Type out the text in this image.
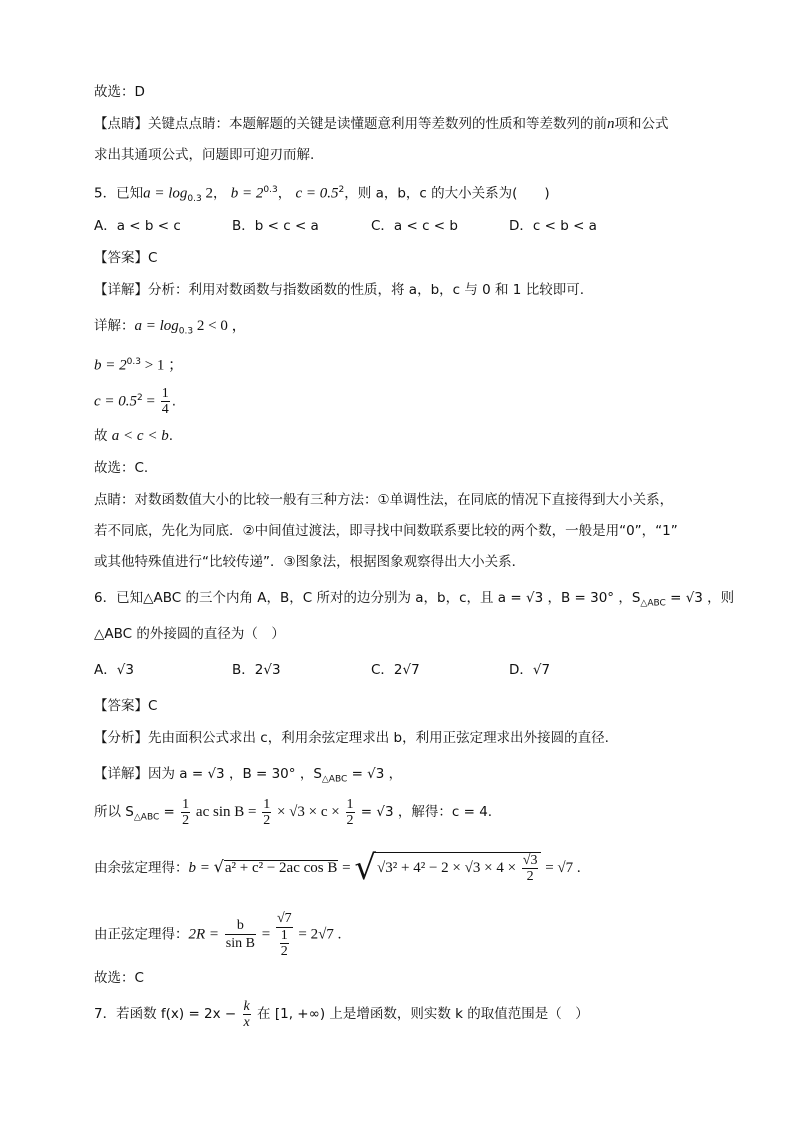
故选：D
【点睛】关键点点睛：本题解题的关键是读懂题意利用等差数列的性质和等差数列的前n项和公式
求出其通项公式，问题即可迎刃而解.
5．已知$a = \log_{0.3} 2$， $b = 2^{0.3}$， $c = 0.5^2$，则 a，b，c 的大小关系为(　　)
A．a < b < c	B．b < c < a	C．a < c < b	D．c < b < a
【答案】C
【详解】分析：利用对数函数与指数函数的性质，将 a，b，c 与 0 和 1 比较即可.
详解：$a = \log_{0.3} 2 < 0$ ，
$b = 2^{0.3} > 1$ ；
$c = 0.5^2 = \frac{1}{4}$ .
故 a < c < b.
故选：C.
点睛：对数函数值大小的比较一般有三种方法：①单调性法，在同底的情况下直接得到大小关系，
若不同底，先化为同底．②中间值过渡法，即寻找中间数联系要比较的两个数，一般是用“0”，“1”
或其他特殊值进行“比较传递”．③图象法，根据图象观察得出大小关系．
6．已知△ABC 的三个内角 A，B，C 所对的边分别为 a，b，c，且 a = √3 ，B = 30° ，$S_{\triangle ABC} = √3$ ，则
△ABC 的外接圆的直径为（　）
A．√3	B．2√3	C．2√7	D．√7
【答案】C
【分析】先由面积公式求出 c，利用余弦定理求出 b，利用正弦定理求出外接圆的直径.
【详解】因为 a = √3 ，B = 30° ，$S_{\triangle ABC} = √3$ ，
所以 $S_{\triangle ABC} = \frac{1}{2}$ ac $\sin B = \frac{1}{2} \times √3 \times c \times \frac{1}{2} = √3$ ，解得：c = 4.
由余弦定理得：b = √a² + c² − 2ac $\cos B = √√3^2 + 4^2 - 2 \times √3 \times 4 \times \frac{√3}{2} = √7$ .
由正弦定理得：$2R = \frac{b}{\text{sin B}} = \frac{√7}{\frac{1}{2}} = 2√7$ .
故选：C
7．若函数 $f(x) = 2x - \frac{k}{x}$ 在 [1, +∞) 上是增函数，则实数 k 的取值范围是（　）
